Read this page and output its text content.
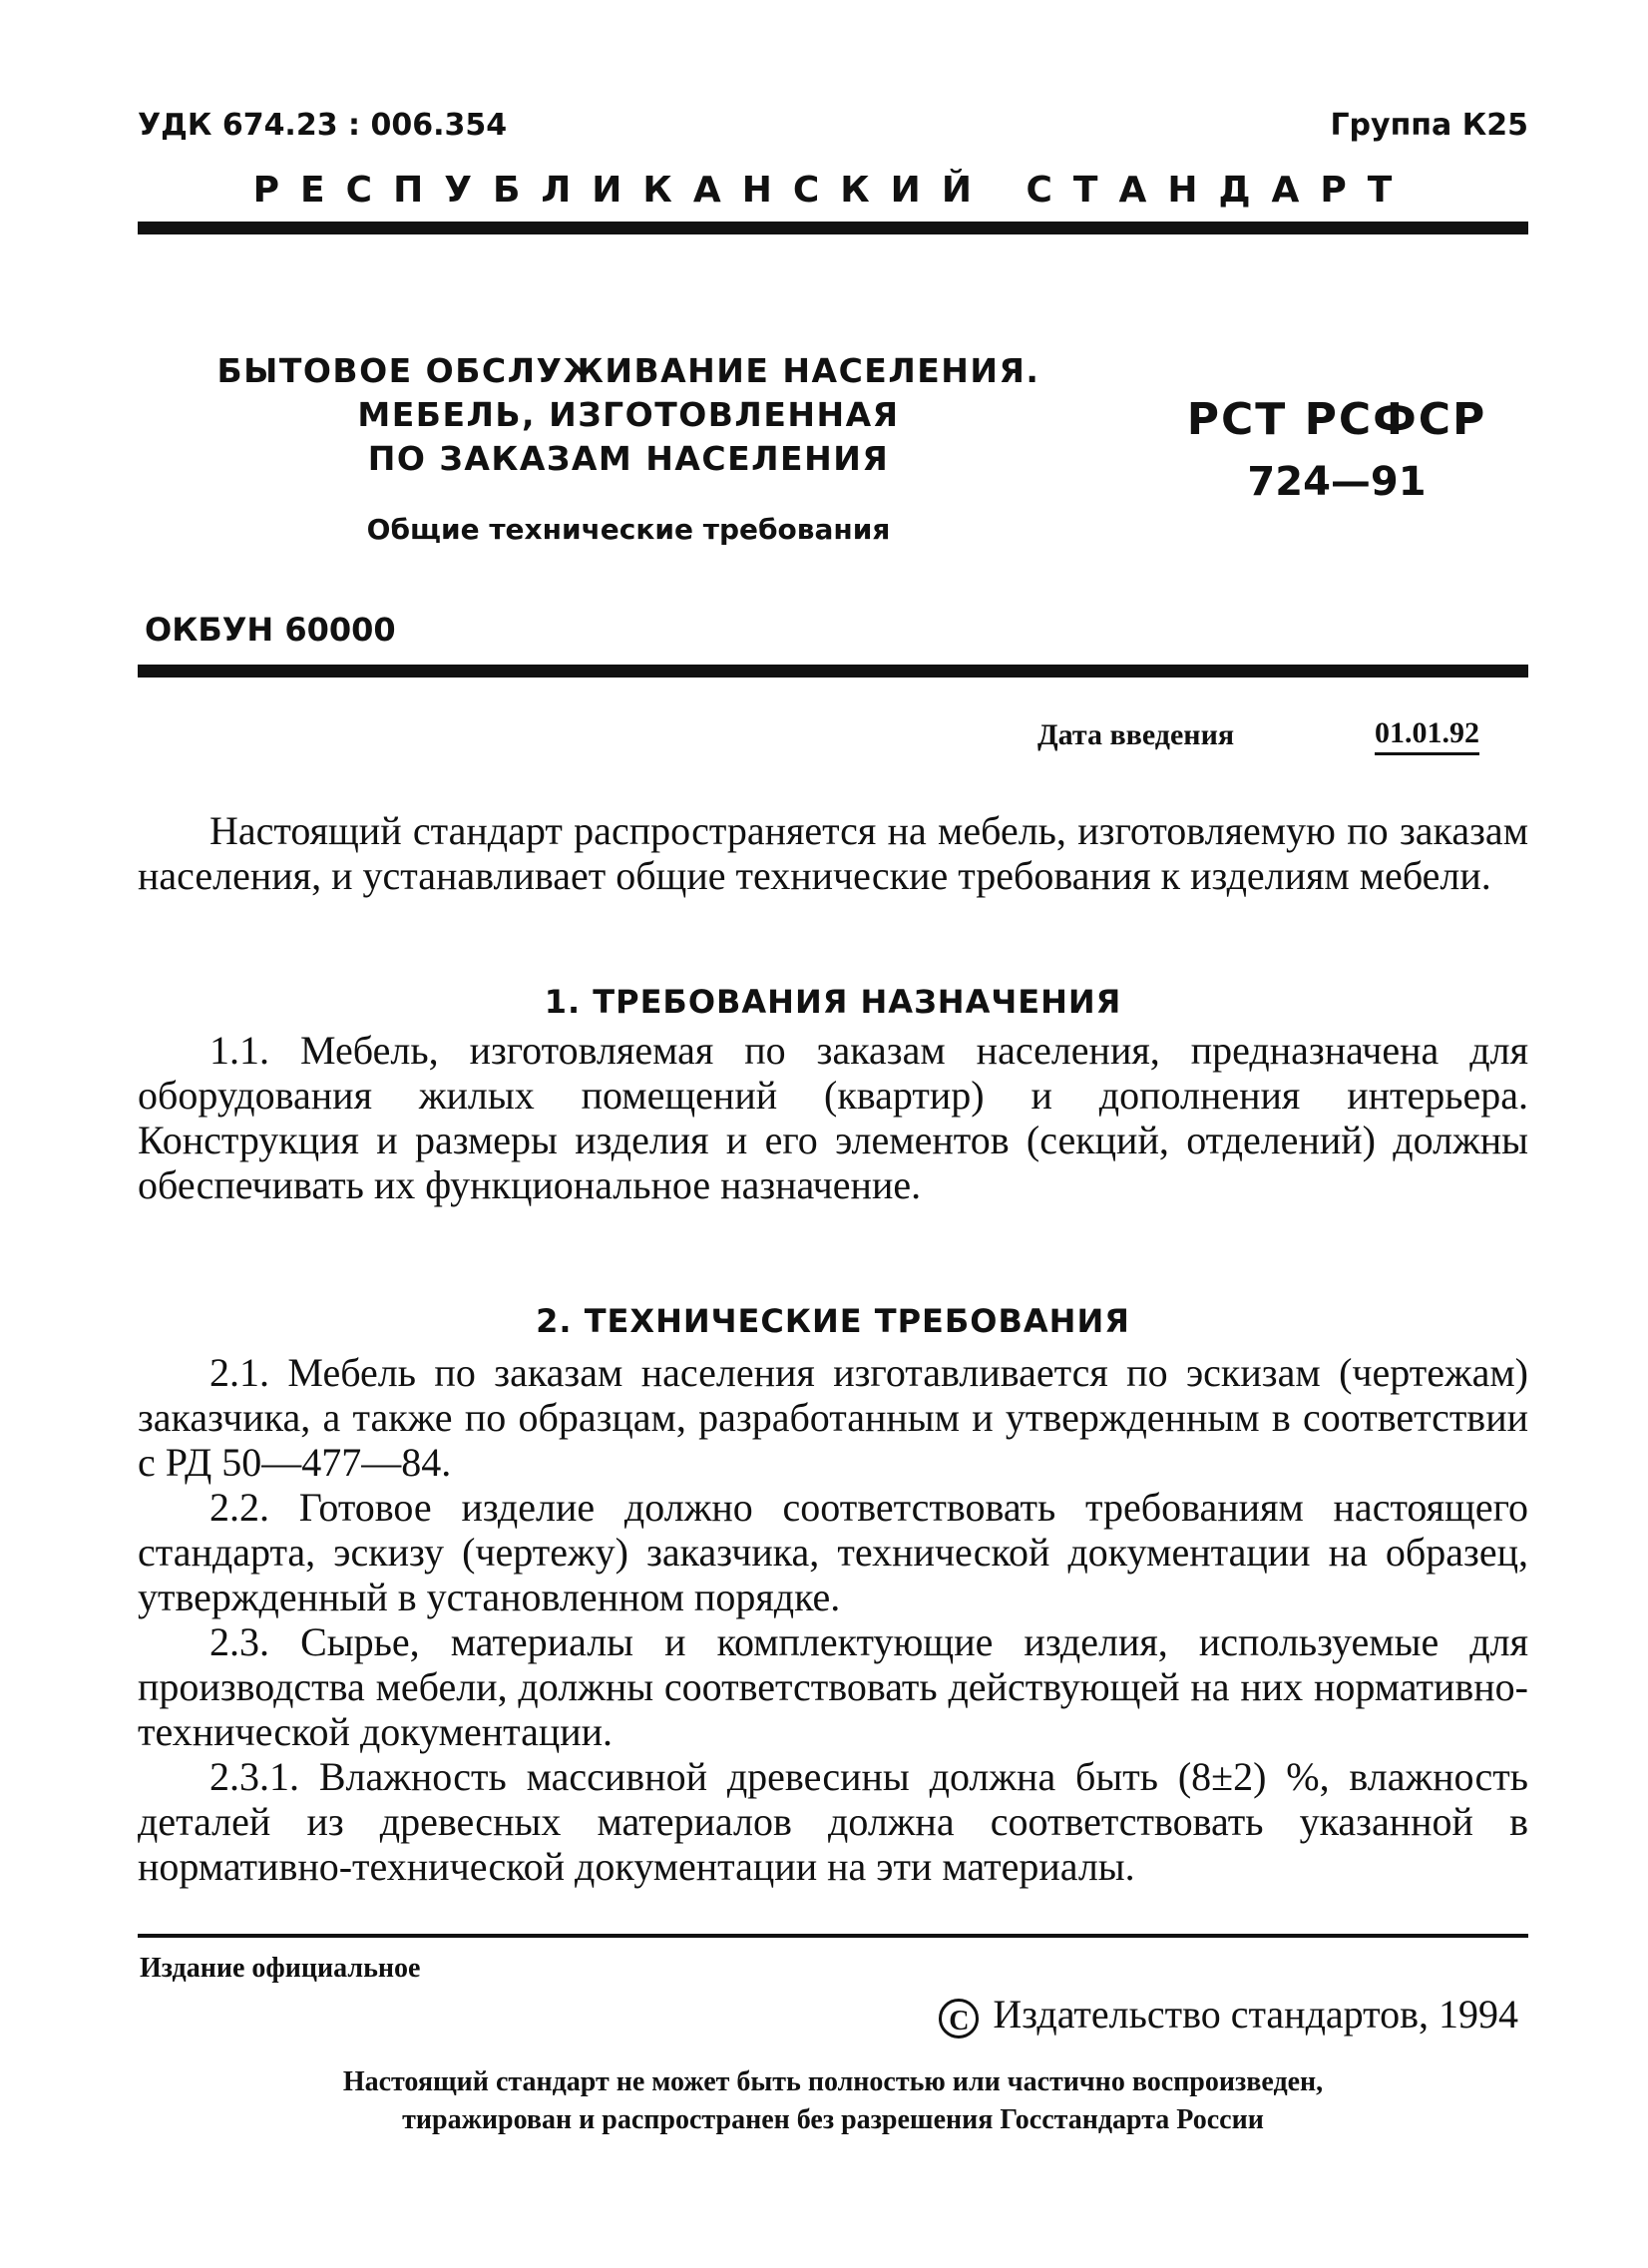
УДК 674.23 : 006.354	Группа К25
РЕСПУБЛИКАНСКИЙ СТАНДАРТ
БЫТОВОЕ ОБСЛУЖИВАНИЕ НАСЕЛЕНИЯ.
МЕБЕЛЬ, ИЗГОТОВЛЕННАЯ
ПО ЗАКАЗАМ НАСЕЛЕНИЯ
Общие технические требования
РСТ РСФСР
724—91
ОКБУН 60000
Дата введения	01.01.92

Настоящий стандарт распространяется на мебель, изготовляемую по заказам населения, и устанавливает общие технические требования к изделиям мебели.

1. ТРЕБОВАНИЯ НАЗНАЧЕНИЯ

1.1. Мебель, изготовляемая по заказам населения, предназначена для оборудования жилых помещений (квартир) и дополнения интерьера. Конструкция и размеры изделия и его элементов (секций, отделений) должны обеспечивать их функциональное назначение.

2. ТЕХНИЧЕСКИЕ ТРЕБОВАНИЯ

2.1. Мебель по заказам населения изготавливается по эскизам (чертежам) заказчика, а также по образцам, разработанным и утвержденным в соответствии с РД 50—477—84.

2.2. Готовое изделие должно соответствовать требованиям настоящего стандарта, эскизу (чертежу) заказчика, технической документации на образец, утвержденный в установленном порядке.

2.3. Сырье, материалы и комплектующие изделия, используемые для производства мебели, должны соответствовать действующей на них нормативно-технической документации.

2.3.1. Влажность массивной древесины должна быть (8±2) %, влажность деталей из древесных материалов должна соответствовать указанной в нормативно-технической документации на эти материалы.

Издание официальное
С Издательство стандартов, 1994
Настоящий стандарт не может быть полностью или частично воспроизведен,
тиражирован и распространен без разрешения Госстандарта России
